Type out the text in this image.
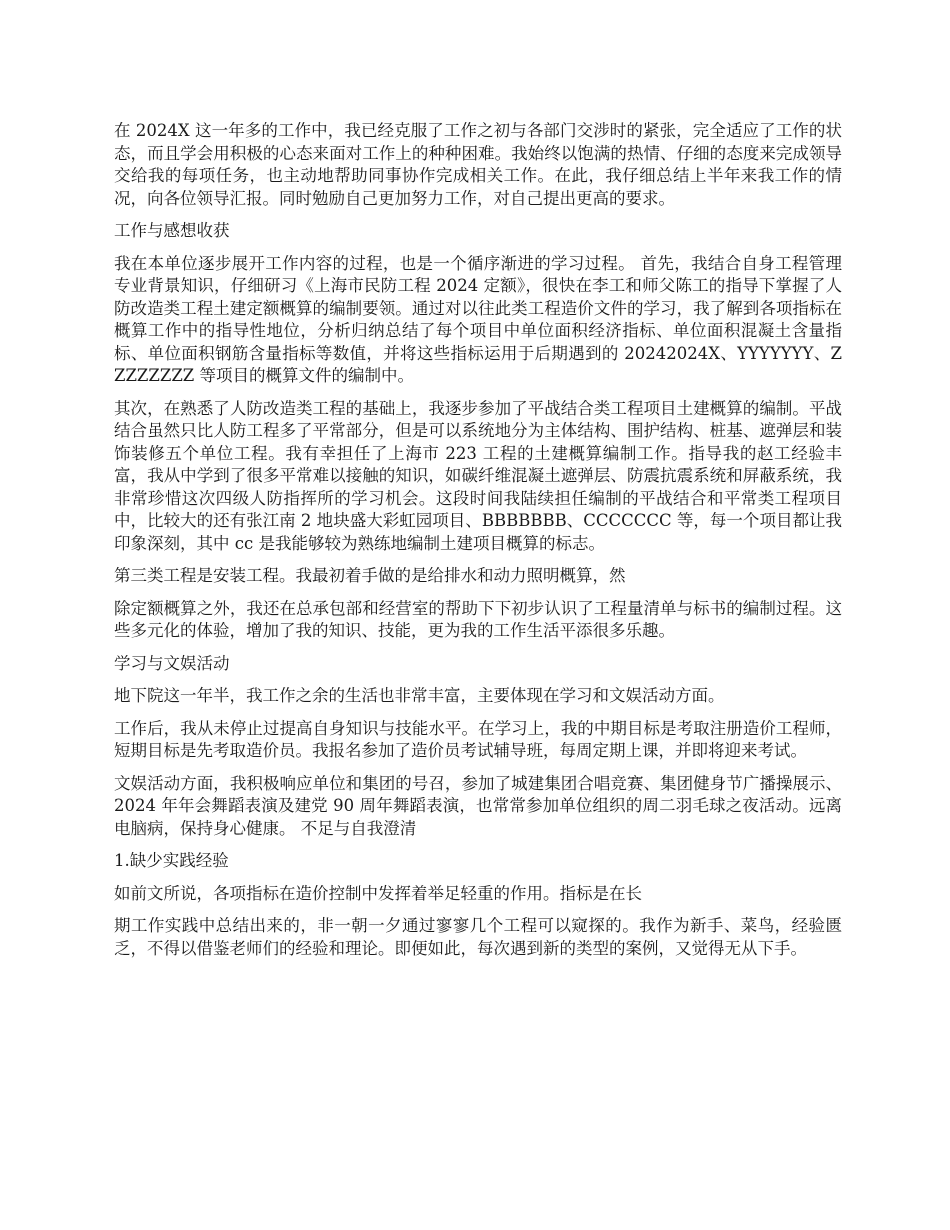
在 2024X 这一年多的工作中，我已经克服了工作之初与各部门交涉时的紧张，完全适应了工作的状态，而且学会用积极的心态来面对工作上的种种困难。我始终以饱满的热情、仔细的态度来完成领导交给我的每项任务，也主动地帮助同事协作完成相关工作。在此，我仔细总结上半年来我工作的情况，向各位领导汇报。同时勉励自己更加努力工作，对自己提出更高的要求。

工作与感想收获

我在本单位逐步展开工作内容的过程，也是一个循序渐进的学习过程。 首先，我结合自身工程管理专业背景知识，仔细研习《上海市民防工程 2024 定额》，很快在李工和师父陈工的指导下掌握了人防改造类工程土建定额概算的编制要领。通过对以往此类工程造价文件的学习，我了解到各项指标在概算工作中的指导性地位，分析归纳总结了每个项目中单位面积经济指标、单位面积混凝土含量指标、单位面积钢筋含量指标等数值，并将这些指标运用于后期遇到的 20242024X、YYYYYYY、ZZZZZZZZ 等项目的概算文件的编制中。

其次，在熟悉了人防改造类工程的基础上，我逐步参加了平战结合类工程项目土建概算的编制。平战结合虽然只比人防工程多了平常部分，但是可以系统地分为主体结构、围护结构、桩基、遮弹层和装饰装修五个单位工程。我有幸担任了上海市 223 工程的土建概算编制工作。指导我的赵工经验丰富，我从中学到了很多平常难以接触的知识，如碳纤维混凝土遮弹层、防震抗震系统和屏蔽系统，我非常珍惜这次四级人防指挥所的学习机会。这段时间我陆续担任编制的平战结合和平常类工程项目中，比较大的还有张江南 2 地块盛大彩虹园项目、BBBBBBB、CCCCCCC 等，每一个项目都让我印象深刻，其中 cc 是我能够较为熟练地编制土建项目概算的标志。

第三类工程是安装工程。我最初着手做的是给排水和动力照明概算，然

除定额概算之外，我还在总承包部和经营室的帮助下下初步认识了工程量清单与标书的编制过程。这些多元化的体验，增加了我的知识、技能，更为我的工作生活平添很多乐趣。

学习与文娱活动

地下院这一年半，我工作之余的生活也非常丰富，主要体现在学习和文娱活动方面。

工作后，我从未停止过提高自身知识与技能水平。在学习上，我的中期目标是考取注册造价工程师，短期目标是先考取造价员。我报名参加了造价员考试辅导班，每周定期上课，并即将迎来考试。

文娱活动方面，我积极响应单位和集团的号召，参加了城建集团合唱竞赛、集团健身节广播操展示、2024 年年会舞蹈表演及建党 90 周年舞蹈表演，也常常参加单位组织的周二羽毛球之夜活动。远离电脑病，保持身心健康。 不足与自我澄清

1.缺少实践经验

如前文所说，各项指标在造价控制中发挥着举足轻重的作用。指标是在长

期工作实践中总结出来的，非一朝一夕通过寥寥几个工程可以窥探的。我作为新手、菜鸟，经验匮乏，不得以借鉴老师们的经验和理论。即便如此，每次遇到新的类型的案例，又觉得无从下手。
